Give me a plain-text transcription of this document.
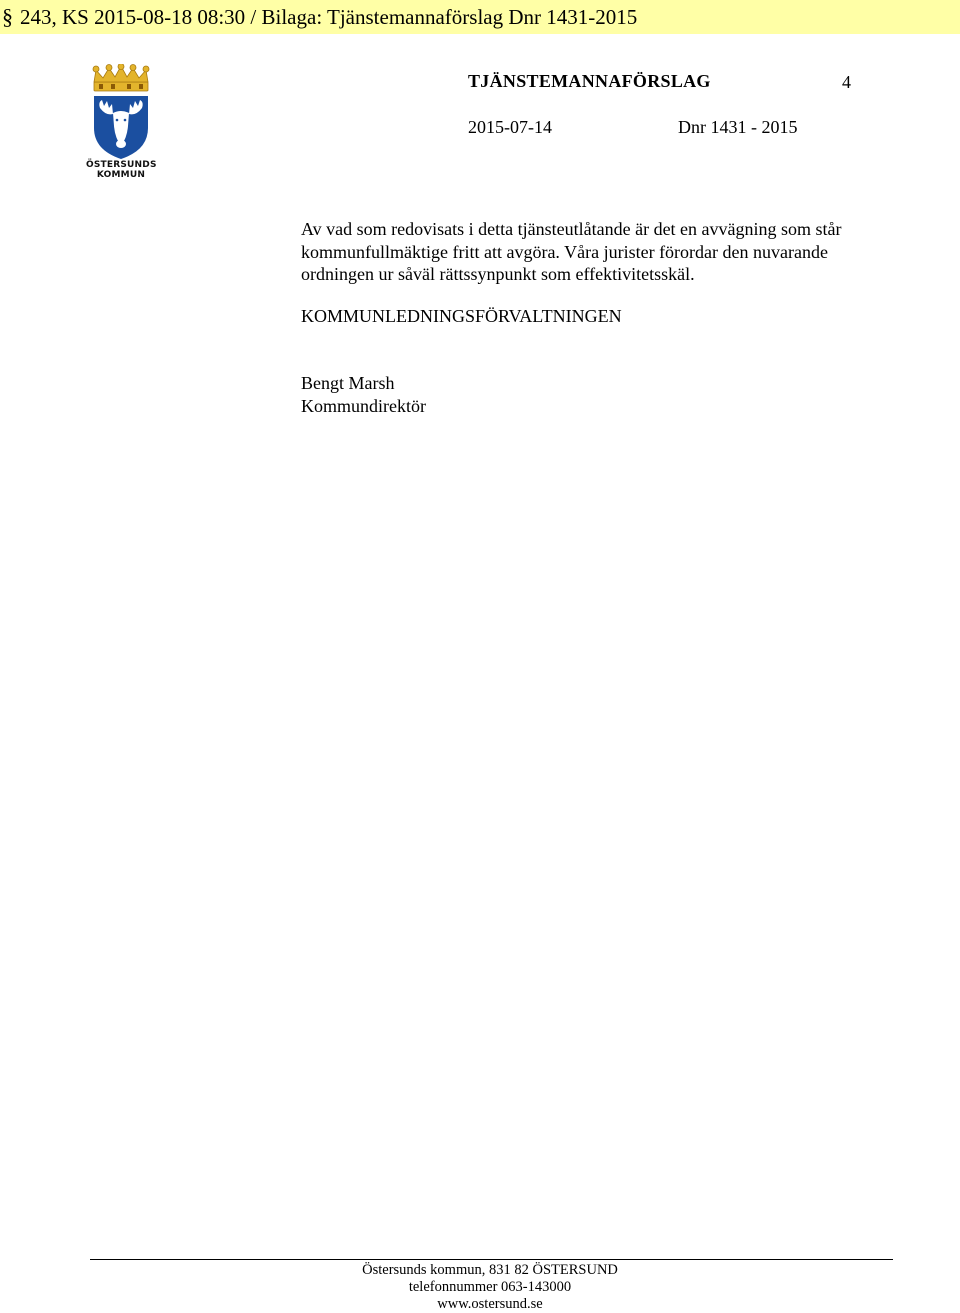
§ 243, KS 2015-08-18 08:30 / Bilaga: Tjänstemannaförslag Dnr 1431-2015
ÖSTERSUNDS
KOMMUN
TJÄNSTEMANNAFÖRSLAG	4
2015-07-14	Dnr 1431 - 2015

Av vad som redovisats i detta tjänsteutlåtande är det en avvägning som står

kommunfullmäktige fritt att avgöra. Våra jurister förordar den nuvarande

ordningen ur såväl rättssynpunkt som effektivitetsskäl.

KOMMUNLEDNINGSFÖRVALTNINGEN
Bengt Marsh
Kommundirektör
Östersunds kommun, 831 82 ÖSTERSUND
telefonnummer 063-143000
www.ostersund.se
